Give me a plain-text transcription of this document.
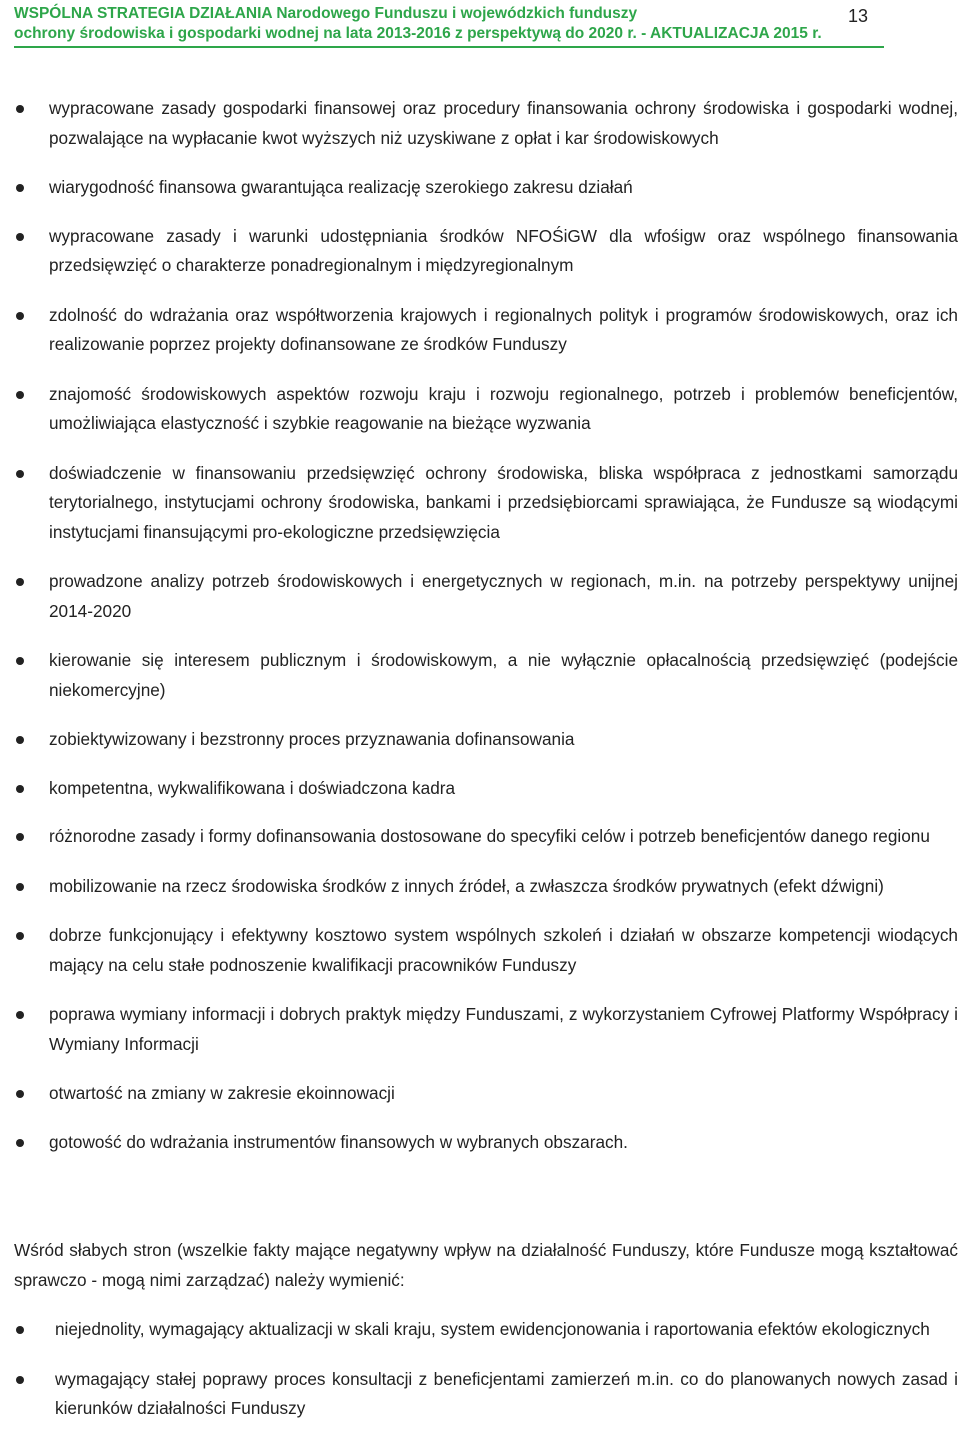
WSPÓLNA STRATEGIA DZIAŁANIA Narodowego Funduszu i wojewódzkich funduszy
ochrony środowiska i gospodarki wodnej na lata 2013-2016 z perspektywą do 2020 r. - AKTUALIZACJA 2015 r.
13
wypracowane zasady gospodarki finansowej oraz procedury finansowania ochrony środowiska i gospodarki wodnej, pozwalające na wypłacanie kwot wyższych niż uzyskiwane z opłat i kar środowiskowych
wiarygodność finansowa gwarantująca realizację szerokiego zakresu działań
wypracowane zasady i warunki udostępniania środków NFOŚiGW dla wfośigw oraz wspólnego finansowania przedsięwzięć o charakterze ponadregionalnym i międzyregionalnym
zdolność do wdrażania oraz współtworzenia krajowych i regionalnych polityk i programów środowiskowych, oraz ich realizowanie poprzez projekty dofinansowane ze środków Funduszy
znajomość środowiskowych aspektów rozwoju kraju i rozwoju regionalnego, potrzeb i problemów beneficjentów, umożliwiająca elastyczność i szybkie reagowanie na bieżące wyzwania
doświadczenie w finansowaniu przedsięwzięć ochrony środowiska, bliska współpraca z jednostkami samorządu terytorialnego, instytucjami ochrony środowiska, bankami i przedsiębiorcami sprawiająca, że Fundusze są wiodącymi instytucjami finansującymi pro-ekologiczne przedsięwzięcia
prowadzone analizy potrzeb środowiskowych i energetycznych w regionach, m.in. na potrzeby perspektywy unijnej 2014-2020
kierowanie się interesem publicznym i środowiskowym, a nie wyłącznie opłacalnością przedsięwzięć (podejście niekomercyjne)
zobiektywizowany i bezstronny proces przyznawania dofinansowania
kompetentna, wykwalifikowana i doświadczona kadra
różnorodne zasady i formy dofinansowania dostosowane do specyfiki celów i potrzeb beneficjentów danego regionu
mobilizowanie na rzecz środowiska środków z innych źródeł, a zwłaszcza środków prywatnych (efekt dźwigni)
dobrze funkcjonujący i efektywny kosztowo system wspólnych szkoleń i działań w obszarze kompetencji wiodących mający na celu stałe podnoszenie kwalifikacji pracowników Funduszy
poprawa wymiany informacji i dobrych praktyk między Funduszami, z wykorzystaniem Cyfrowej Platformy Współpracy i Wymiany Informacji
otwartość na zmiany w zakresie ekoinnowacji
gotowość do wdrażania instrumentów finansowych w wybranych obszarach.
Wśród słabych stron (wszelkie fakty mające negatywny wpływ na działalność Funduszy, które Fundusze mogą kształtować sprawczo - mogą nimi zarządzać) należy wymienić:
niejednolity, wymagający aktualizacji w skali kraju, system ewidencjonowania i raportowania efektów ekologicznych
wymagający stałej poprawy proces konsultacji z beneficjentami zamierzeń m.in. co do planowanych nowych zasad i kierunków działalności Funduszy
